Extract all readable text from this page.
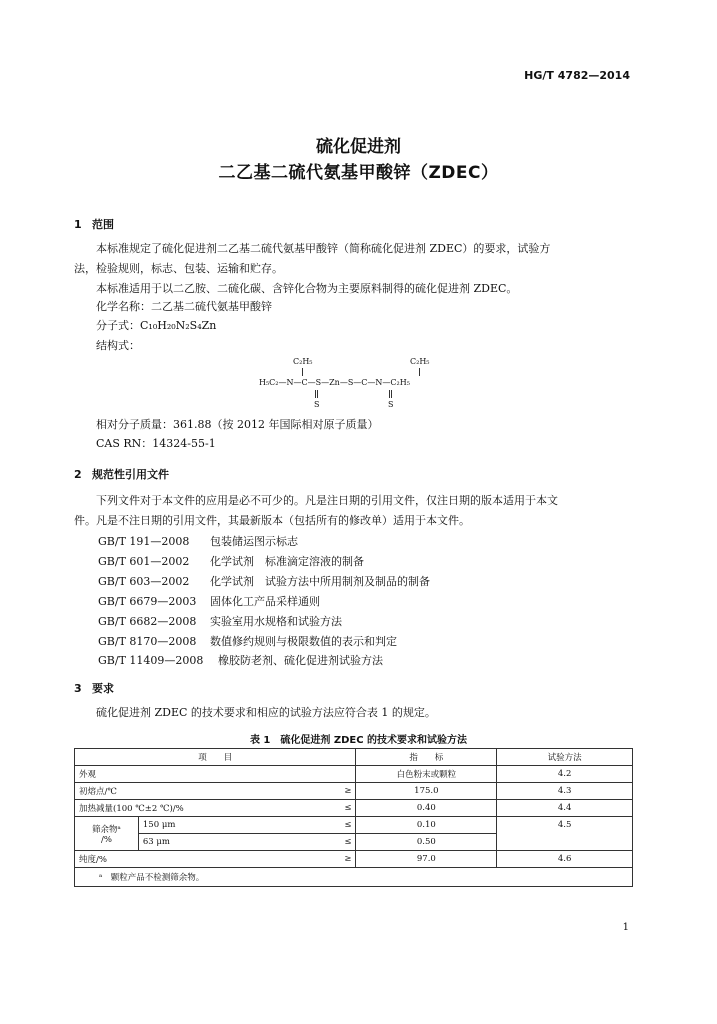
HG/T 4782—2014
硫化促进剂
二乙基二硫代氨基甲酸锌（ZDEC）
1 范围
本标准规定了硫化促进剂二乙基二硫代氨基甲酸锌（简称硫化促进剂 ZDEC）的要求，试验方
法，检验规则，标志、包装、运输和贮存。
本标准适用于以二乙胺、二硫化碳、含锌化合物为主要原料制得的硫化促进剂 ZDEC。
化学名称：二乙基二硫代氨基甲酸锌
分子式：C₁₀H₂₀N₂S₄Zn
结构式：
C₂H₅	C₂H₅
H₅C₂—N—C—S—Zn—S—C—N—C₂H₅
S	S
相对分子质量：361.88（按 2012 年国际相对原子质量）
CAS RN：14324-55-1
2 规范性引用文件
下列文件对于本文件的应用是必不可少的。凡是注日期的引用文件，仅注日期的版本适用于本文
件。凡是不注日期的引用文件，其最新版本（包括所有的修改单）适用于本文件。
GB/T 191—2008 包装储运图示标志
GB/T 601—2002 化学试剂　标准滴定溶液的制备
GB/T 603—2002 化学试剂　试验方法中所用制剂及制品的制备
GB/T 6679—2003 固体化工产品采样通则
GB/T 6682—2008 实验室用水规格和试验方法
GB/T 8170—2008 数值修约规则与极限数值的表示和判定
GB/T 11409—2008 橡胶防老剂、硫化促进剂试验方法
3 要求
硫化促进剂 ZDEC 的技术要求和相应的试验方法应符合表 1 的规定。
表 1　硫化促进剂 ZDEC 的技术要求和试验方法
项　　目			指　　标	试验方法
外观			白色粉末或颗粒	4.2
初熔点/℃		≥	175.0	4.3
加热减量(100 ℃±2 ℃)/%		≤	0.40	4.4
筛余物ᵃ
/%	150 μm	≤	0.10	4.5
	63 μm	≤	0.50	
纯度/%		≥	97.0	4.6
ᵃ　颗粒产品不检测筛余物。				
1
